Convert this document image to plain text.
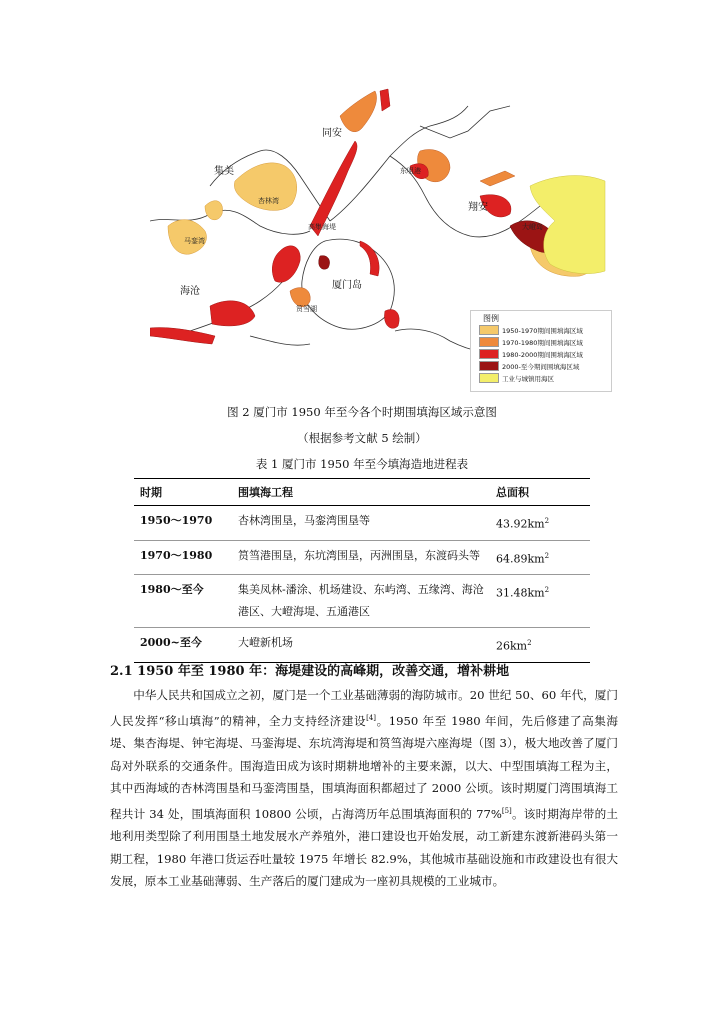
同安
集美
杏林湾
马銮湾
海沧
厦门岛
筼筜湖
高集海堤
东咀港
翔安
大嶝岛
图例
1950-1970期间围填海区域
1970-1980期间围填海区域
1980-2000期间围填海区域
2000-至今期间围填海区域
工业与城镇用海区
图 2 厦门市 1950 年至今各个时期围填海区域示意图
（根据参考文献 5 绘制）
表 1 厦门市 1950 年至今填海造地进程表
时期	围填海工程	总面积
1950～1970	杏林湾围垦，马銮湾围垦等	$43.92km^2$
1970～1980	筼筜港围垦，东坑湾围垦，丙洲围垦，东渡码头等	$64.89km^2$
1980～至今	集美凤林-潘涂、机场建设、东屿湾、五缘湾、海沧港区、大嶝海堤、五通港区	$31.48km^2$
2000~至今	大嶝新机场	$26km^2$
2.1 1950 年至 1980 年：海堤建设的高峰期，改善交通，增补耕地
中华人民共和国成立之初，厦门是一个工业基础薄弱的海防城市。20 世纪 50、60 年代，厦门人民发挥“移山填海”的精神，全力支持经济建设[4]。1950 年至 1980 年间，先后修建了高集海堤、集杏海堤、钟宅海堤、马銮海堤、东坑湾海堤和筼筜海堤六座海堤（图 3），极大地改善了厦门岛对外联系的交通条件。围海造田成为该时期耕地增补的主要来源，以大、中型围填海工程为主，其中西海域的杏林湾围垦和马銮湾围垦，围填海面积都超过了 2000 公顷。该时期厦门湾围填海工程共计 34 处，围填海面积 10800 公顷，占海湾历年总围填海面积的 77%[5]。该时期海岸带的土地利用类型除了利用围垦土地发展水产养殖外，港口建设也开始发展，动工新建东渡新港码头第一期工程，1980 年港口货运吞吐量较 1975 年增长 82.9%，其他城市基础设施和市政建设也有很大发展，原本工业基础薄弱、生产落后的厦门建成为一座初具规模的工业城市。
